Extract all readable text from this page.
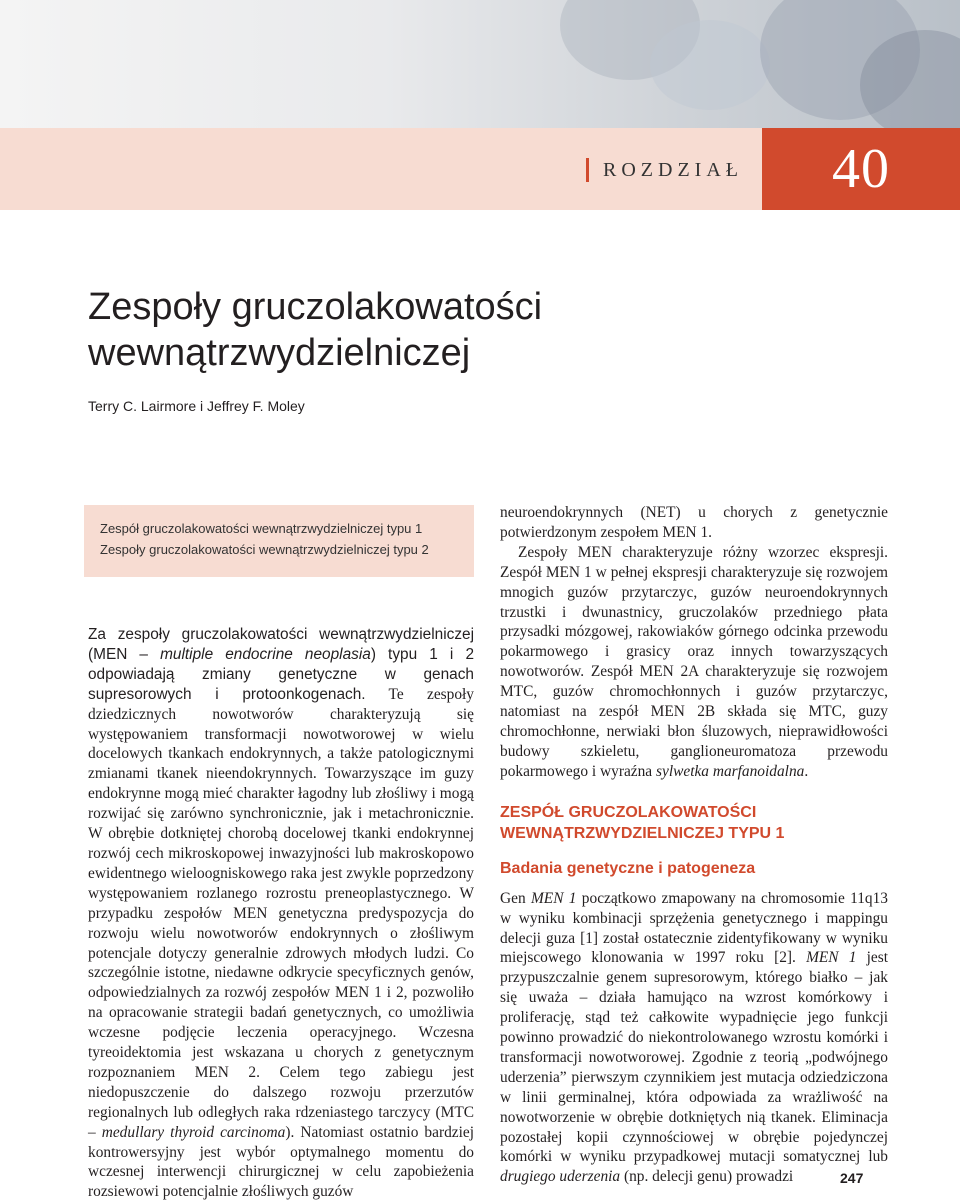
ROZDZIAŁ	40
Zespoły gruczolakowatości
wewnątrzwydzielniczej
Terry C. Lairmore i Jeffrey F. Moley
Zespół gruczolakowatości wewnątrzwydzielniczej typu 1
Zespoły gruczolakowatości wewnątrzwydzielniczej typu 2

Za zespoły gruczolakowatości wewnątrzwydzielniczej (MEN – multiple endocrine neoplasia) typu 1 i 2 odpowiadają zmiany genetyczne w genach supresorowych i protoonkogenach. Te zespoły dziedzicznych nowotworów charakteryzują się występowaniem transformacji nowotworowej w wielu docelowych tkankach endokrynnych, a także patologicznymi zmianami tkanek nieendokrynnych. Towarzyszące im guzy endokrynne mogą mieć charakter łagodny lub złośliwy i mogą rozwijać się zarówno synchronicznie, jak i metachronicznie. W obrębie dotkniętej chorobą docelowej tkanki endokrynnej rozwój cech mikroskopowej inwazyjności lub makroskopowo ewidentnego wieloogniskowego raka jest zwykle poprzedzony występowaniem rozlanego rozrostu preneoplastycznego. W przypadku zespołów MEN genetyczna predyspozycja do rozwoju wielu nowotworów endokrynnych o złośliwym potencjale dotyczy generalnie zdrowych młodych ludzi. Co szczególnie istotne, niedawne odkrycie specyficznych genów, odpowiedzialnych za rozwój zespołów MEN 1 i 2, pozwoliło na opracowanie strategii badań genetycznych, co umożliwia wczesne podjęcie leczenia operacyjnego. Wczesna tyreoidektomia jest wskazana u chorych z genetycznym rozpoznaniem MEN 2. Celem tego zabiegu jest niedopuszczenie do dalszego rozwoju przerzutów regionalnych lub odległych raka rdzeniastego tarczycy (MTC – medullary thyroid carcinoma). Natomiast ostatnio bardziej kontrowersyjny jest wybór optymalnego momentu do wczesnej interwencji chirurgicznej w celu zapobieżenia rozsiewowi potencjalnie złośliwych guzów

neuroendokrynnych (NET) u chorych z genetycznie potwierdzonym zespołem MEN 1.

Zespoły MEN charakteryzuje różny wzorzec ekspresji. Zespół MEN 1 w pełnej ekspresji charakteryzuje się rozwojem mnogich guzów przytarczyc, guzów neuroendokrynnych trzustki i dwunastnicy, gruczolaków przedniego płata przysadki mózgowej, rakowiaków górnego odcinka przewodu pokarmowego i grasicy oraz innych towarzyszących nowotworów. Zespół MEN 2A charakteryzuje się rozwojem MTC, guzów chromochłonnych i guzów przytarczyc, natomiast na zespół MEN 2B składa się MTC, guzy chromochłonne, nerwiaki błon śluzowych, nieprawidłowości budowy szkieletu, ganglioneuromatoza przewodu pokarmowego i wyraźna sylwetka marfanoidalna.

ZESPÓŁ GRUCZOLAKOWATOŚCI
WEWNĄTRZWYDZIELNICZEJ TYPU 1
Badania genetyczne i patogeneza

Gen MEN 1 początkowo zmapowany na chromosomie 11q13 w wyniku kombinacji sprzężenia genetycznego i mappingu delecji guza [1] został ostatecznie zidentyfikowany w wyniku miejscowego klonowania w 1997 roku [2]. MEN 1 jest przypuszczalnie genem supresorowym, którego białko – jak się uważa – działa hamująco na wzrost komórkowy i proliferację, stąd też całkowite wypadnięcie jego funkcji powinno prowadzić do niekontrolowanego wzrostu komórki i transformacji nowotworowej. Zgodnie z teorią „podwójnego uderzenia” pierwszym czynnikiem jest mutacja odziedziczona w linii germinalnej, która odpowiada za wrażliwość na nowotworzenie w obrębie dotkniętych nią tkanek. Eliminacja pozostałej kopii czynnościowej w obrębie pojedynczej komórki w wyniku przypadkowej mutacji somatycznej lub drugiego uderzenia (np. delecji genu) prowadzi	247
